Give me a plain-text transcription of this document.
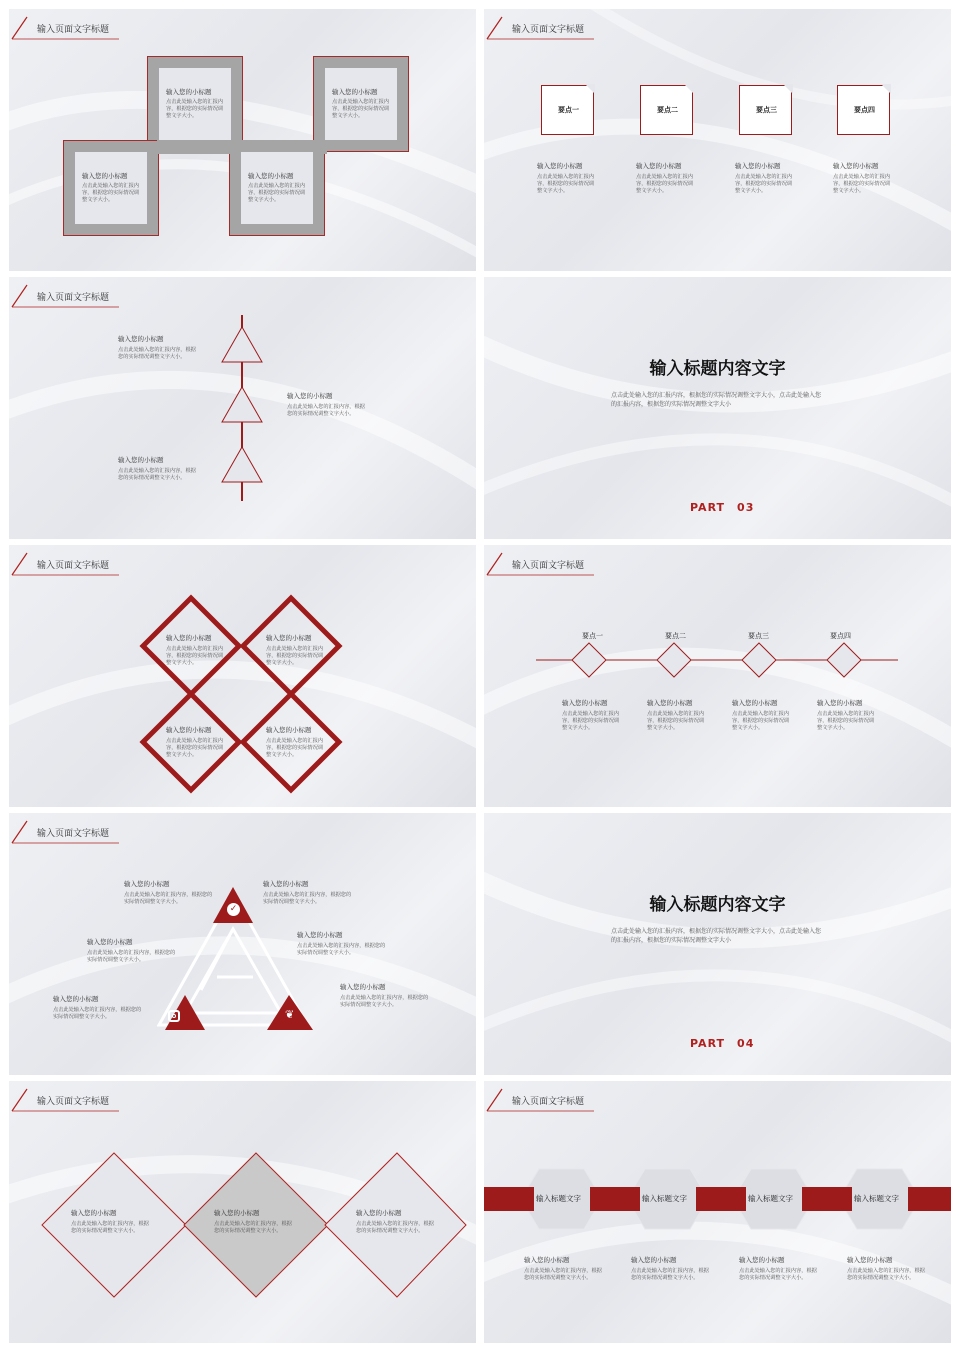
输入页面文字标题
输入您的小标题
点击此处输入您的汇报内容，根据您的实际情况调整文字大小。
输入您的小标题
点击此处输入您的汇报内容，根据您的实际情况调整文字大小。
输入您的小标题
点击此处输入您的汇报内容，根据您的实际情况调整文字大小。
输入您的小标题
点击此处输入您的汇报内容，根据您的实际情况调整文字大小。
输入页面文字标题
要点一	要点二	要点三	要点四
输入您的小标题
点击此处输入您的汇报内容，根据您的实际情况调整文字大小。
输入您的小标题
点击此处输入您的汇报内容，根据您的实际情况调整文字大小。
输入您的小标题
点击此处输入您的汇报内容，根据您的实际情况调整文字大小。
输入您的小标题
点击此处输入您的汇报内容，根据您的实际情况调整文字大小。
输入页面文字标题
输入您的小标题
点击此处输入您的汇报内容，根据您的实际情况调整文字大小。
输入您的小标题
点击此处输入您的汇报内容，根据您的实际情况调整文字大小。
输入您的小标题
点击此处输入您的汇报内容，根据您的实际情况调整文字大小。
输入标题内容文字
点击此处输入您的汇报内容，根据您的实际情况调整文字大小，点击此处输入您的汇报内容，根据您的实际情况调整文字大小
PART　03
输入页面文字标题
输入您的小标题
点击此处输入您的汇报内容，根据您的实际情况调整文字大小。
输入您的小标题
点击此处输入您的汇报内容，根据您的实际情况调整文字大小。
输入您的小标题
点击此处输入您的汇报内容，根据您的实际情况调整文字大小。
输入您的小标题
点击此处输入您的汇报内容，根据您的实际情况调整文字大小。
输入页面文字标题
要点一	要点二	要点三	要点四
输入您的小标题
点击此处输入您的汇报内容，根据您的实际情况调整文字大小。
输入您的小标题
点击此处输入您的汇报内容，根据您的实际情况调整文字大小。
输入您的小标题
点击此处输入您的汇报内容，根据您的实际情况调整文字大小。
输入您的小标题
点击此处输入您的汇报内容，根据您的实际情况调整文字大小。
输入页面文字标题
✓
❦
输入您的小标题
点击此处输入您的汇报内容，根据您的实际情况调整文字大小。
输入您的小标题
点击此处输入您的汇报内容，根据您的实际情况调整文字大小。
输入您的小标题
点击此处输入您的汇报内容，根据您的实际情况调整文字大小。
输入您的小标题
点击此处输入您的汇报内容，根据您的实际情况调整文字大小。
输入您的小标题
点击此处输入您的汇报内容，根据您的实际情况调整文字大小。
输入您的小标题
点击此处输入您的汇报内容，根据您的实际情况调整文字大小。
输入标题内容文字
点击此处输入您的汇报内容，根据您的实际情况调整文字大小，点击此处输入您的汇报内容，根据您的实际情况调整文字大小
PART　04
输入页面文字标题
输入您的小标题
点击此处输入您的汇报内容，根据您的实际情况调整文字大小。
输入您的小标题
点击此处输入您的汇报内容，根据您的实际情况调整文字大小。
输入您的小标题
点击此处输入您的汇报内容，根据您的实际情况调整文字大小。
输入页面文字标题
输入标题文字	输入标题文字	输入标题文字	输入标题文字
输入您的小标题
点击此处输入您的汇报内容，根据您的实际情况调整文字大小。
输入您的小标题
点击此处输入您的汇报内容，根据您的实际情况调整文字大小。
输入您的小标题
点击此处输入您的汇报内容，根据您的实际情况调整文字大小。
输入您的小标题
点击此处输入您的汇报内容，根据您的实际情况调整文字大小。
